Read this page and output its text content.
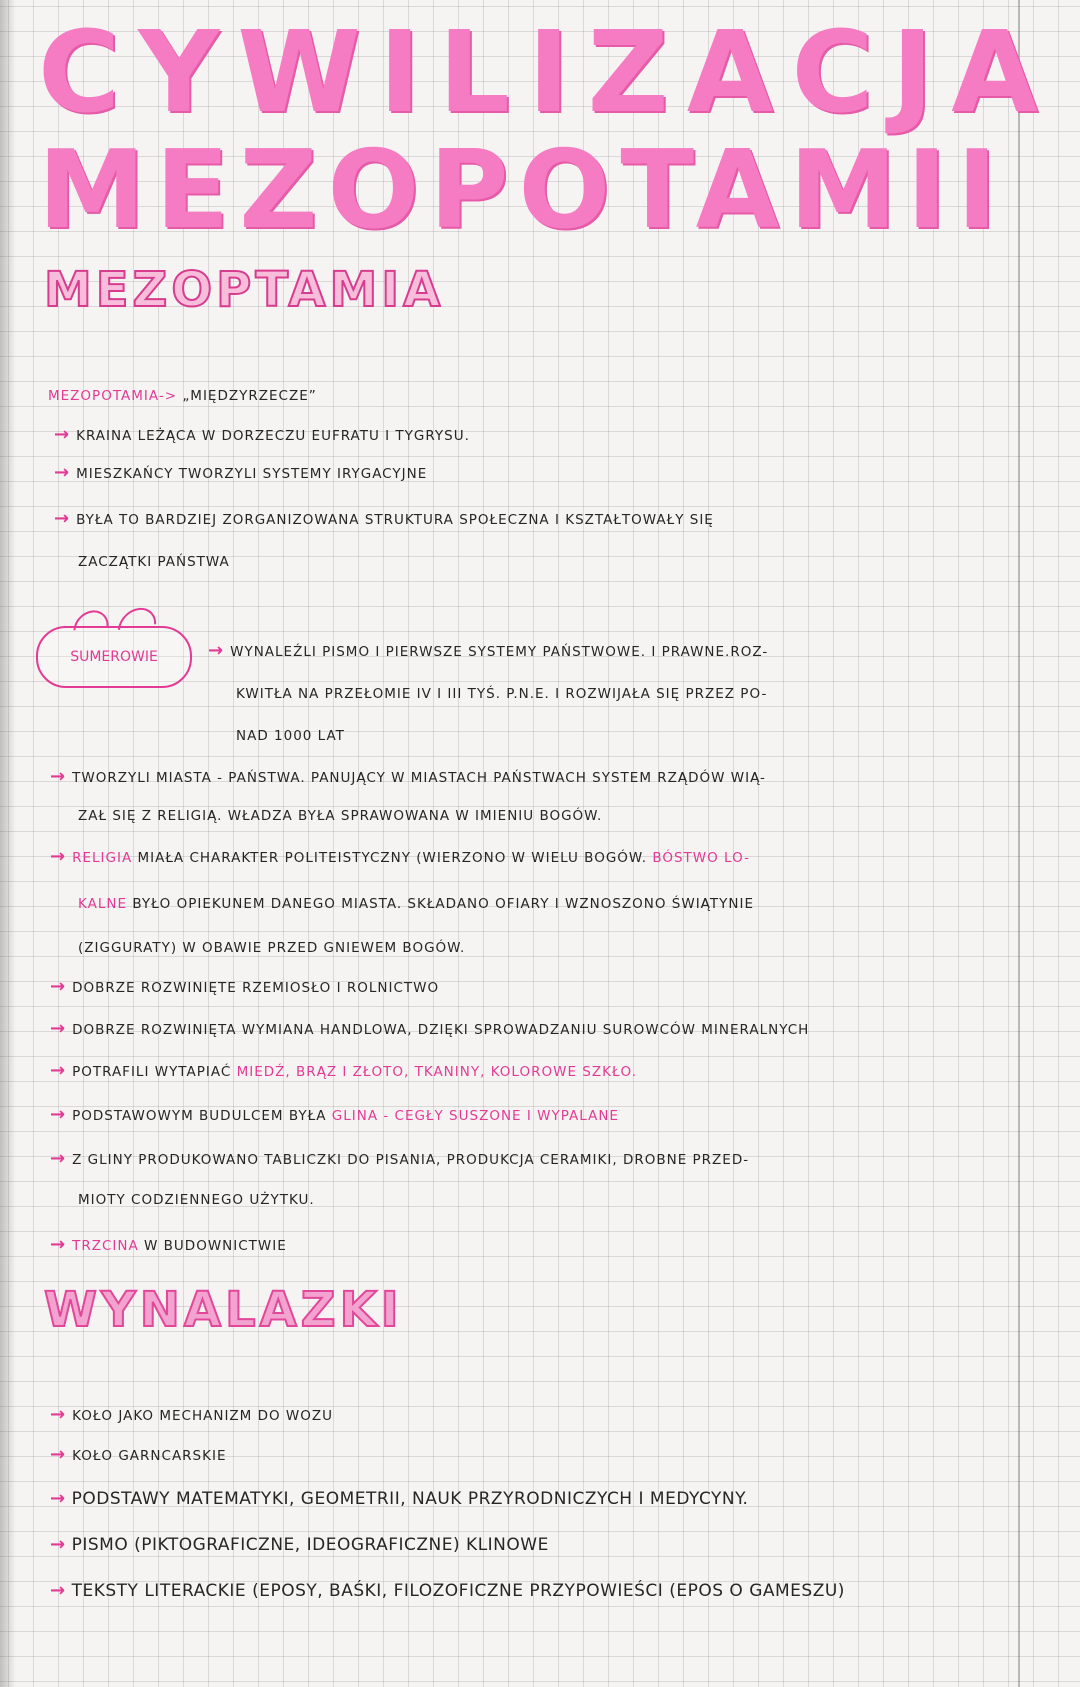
CYWILIZACJA
MEZOPOTAMII
MEZOPTAMIA
MEZOPOTAMIA-> „MIĘDZYRZECZE”
→ KRAINA LEŻĄCA W DORZECZU EUFRATU I TYGRYSU.
→ MIESZKAŃCY TWORZYLI SYSTEMY IRYGACYJNE
→ BYŁA TO BARDZIEJ ZORGANIZOWANA STRUKTURA SPOŁECZNA I KSZTAŁTOWAŁY SIĘ
ZACZĄTKI PAŃSTWA
SUMEROWIE	→ WYNALEŹLI PISMO I PIERWSZE SYSTEMY PAŃSTWOWE. I PRAWNE.ROZ-
KWITŁA NA PRZEŁOMIE IV I III TYŚ. P.N.E. I ROZWIJAŁA SIĘ PRZEZ PO-
NAD 1000 LAT
→ TWORZYLI MIASTA - PAŃSTWA. PANUJĄCY W MIASTACH PAŃSTWACH SYSTEM RZĄDÓW WIĄ-
ZAŁ SIĘ Z RELIGIĄ. WŁADZA BYŁA SPRAWOWANA W IMIENIU BOGÓW.
→ RELIGIA MIAŁA CHARAKTER POLITEISTYCZNY (WIERZONO W WIELU BOGÓW. BÓSTWO LO-
KALNE BYŁO OPIEKUNEM DANEGO MIASTA. SKŁADANO OFIARY I WZNOSZONO ŚWIĄTYNIE
(ZIGGURATY) W OBAWIE PRZED GNIEWEM BOGÓW.
→ DOBRZE ROZWINIĘTE RZEMIOSŁO I ROLNICTWO
→ DOBRZE ROZWINIĘTA WYMIANA HANDLOWA, DZIĘKI SPROWADZANIU SUROWCÓW MINERALNYCH
→ POTRAFILI WYTAPIAĆ MIEDŹ, BRĄZ I ZŁOTO, TKANINY, KOLOROWE SZKŁO.
→ PODSTAWOWYM BUDULCEM BYŁA GLINA - CEGŁY SUSZONE I WYPALANE
→ Z GLINY PRODUKOWANO TABLICZKI DO PISANIA, PRODUKCJA CERAMIKI, DROBNE PRZED-
MIOTY CODZIENNEGO UŻYTKU.
→ TRZCINA W BUDOWNICTWIE
WYNALAZKI
→ KOŁO JAKO MECHANIZM DO WOZU
→ KOŁO GARNCARSKIE
→ PODSTAWY MATEMATYKI, GEOMETRII, NAUK PRZYRODNICZYCH I MEDYCYNY.
→ PISMO (PIKTOGRAFICZNE, IDEOGRAFICZNE) KLINOWE
→ TEKSTY LITERACKIE (EPOSY, BAŚKI, FILOZOFICZNE PRZYPOWIEŚCI (EPOS O GAMESZU)
